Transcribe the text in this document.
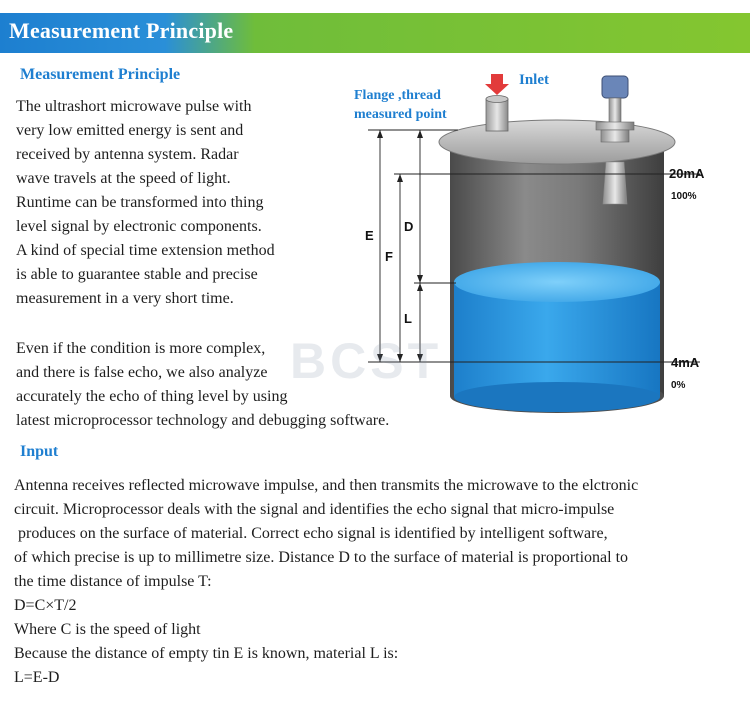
Measurement Principle
Measurement Principle
The ultrashort microwave pulse with
very low emitted energy is sent and
received by antenna system. Radar
wave travels at the speed of light.
Runtime can be transformed into thing
level signal by electronic components.
A kind of special time extension method
is able to guarantee stable and precise
measurement in a very short time.
Even if the condition is more complex,
and there is false echo, we also analyze
accurately the echo of thing level by using
latest microprocessor technology and debugging software.
Inlet
Flange ,thread
measured point
E
D
F
L
20mA
100%
4mA
0%
BCST
Input
Antenna receives reflected microwave impulse, and then transmits the microwave to the elctronic
circuit. Microprocessor deals with the signal and identifies the echo signal that micro-impulse
produces on the surface of material. Correct echo signal is identified by intelligent software,
of which precise is up to millimetre size. Distance D to the surface of material is proportional to
the time distance of impulse T:
D=C×T/2
Where C is the speed of light
Because the distance of empty tin E is known, material L is:
L=E-D
